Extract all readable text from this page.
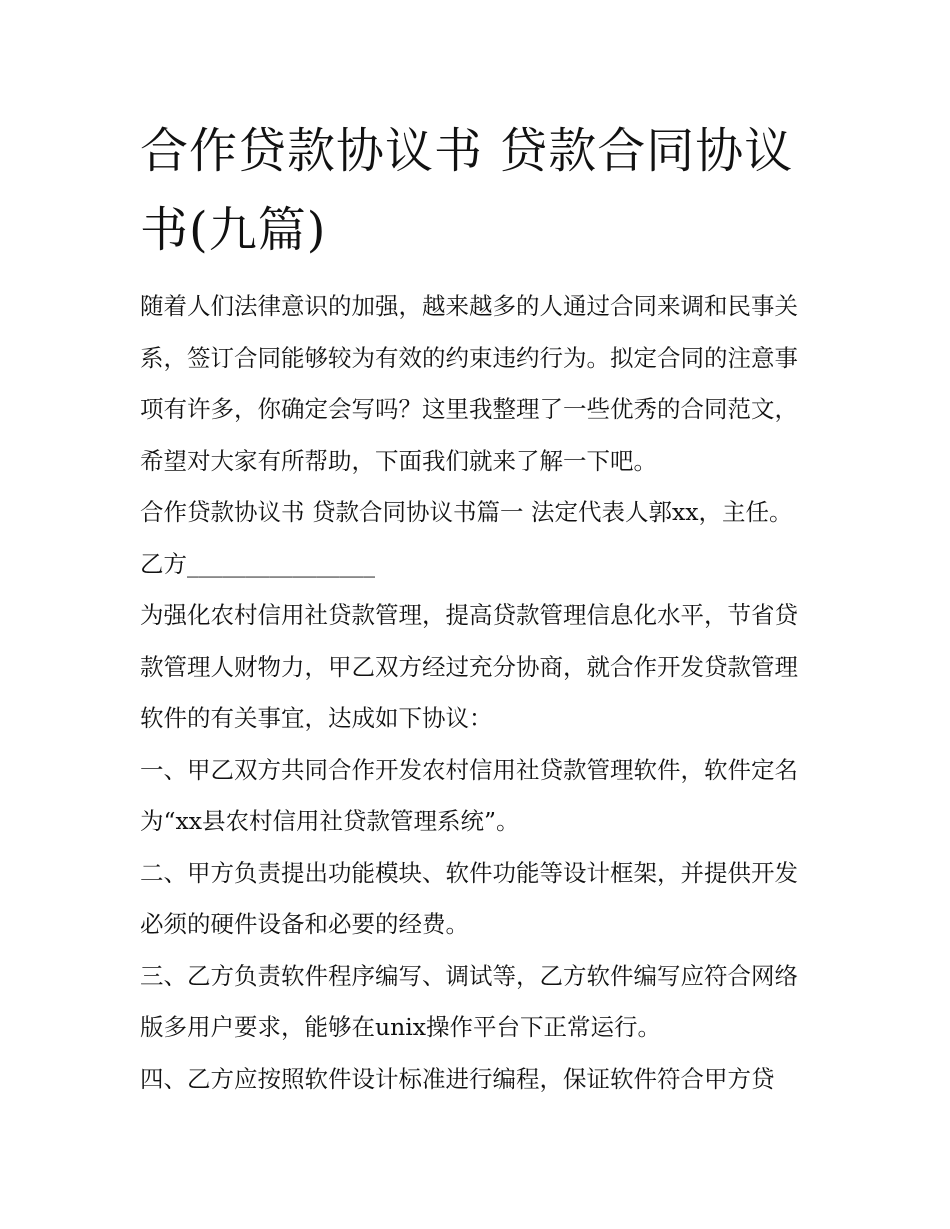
合作贷款协议书 贷款合同协议书(九篇)

随着人们法律意识的加强，越来越多的人通过合同来调和民事关系，签订合同能够较为有效的约束违约行为。拟定合同的注意事项有许多，你确定会写吗？这里我整理了一些优秀的合同范文，希望对大家有所帮助，下面我们就来了解一下吧。

合作贷款协议书 贷款合同协议书篇一 法定代表人郭xx，主任。 乙方________________

为强化农村信用社贷款管理，提高贷款管理信息化水平，节省贷款管理人财物力，甲乙双方经过充分协商，就合作开发贷款管理软件的有关事宜，达成如下协议：

一、甲乙双方共同合作开发农村信用社贷款管理软件，软件定名为“xx县农村信用社贷款管理系统”。

二、甲方负责提出功能模块、软件功能等设计框架，并提供开发必须的硬件设备和必要的经费。

三、乙方负责软件程序编写、调试等，乙方软件编写应符合网络版多用户要求，能够在unix操作平台下正常运行。

四、乙方应按照软件设计标准进行编程，保证软件符合甲方贷
